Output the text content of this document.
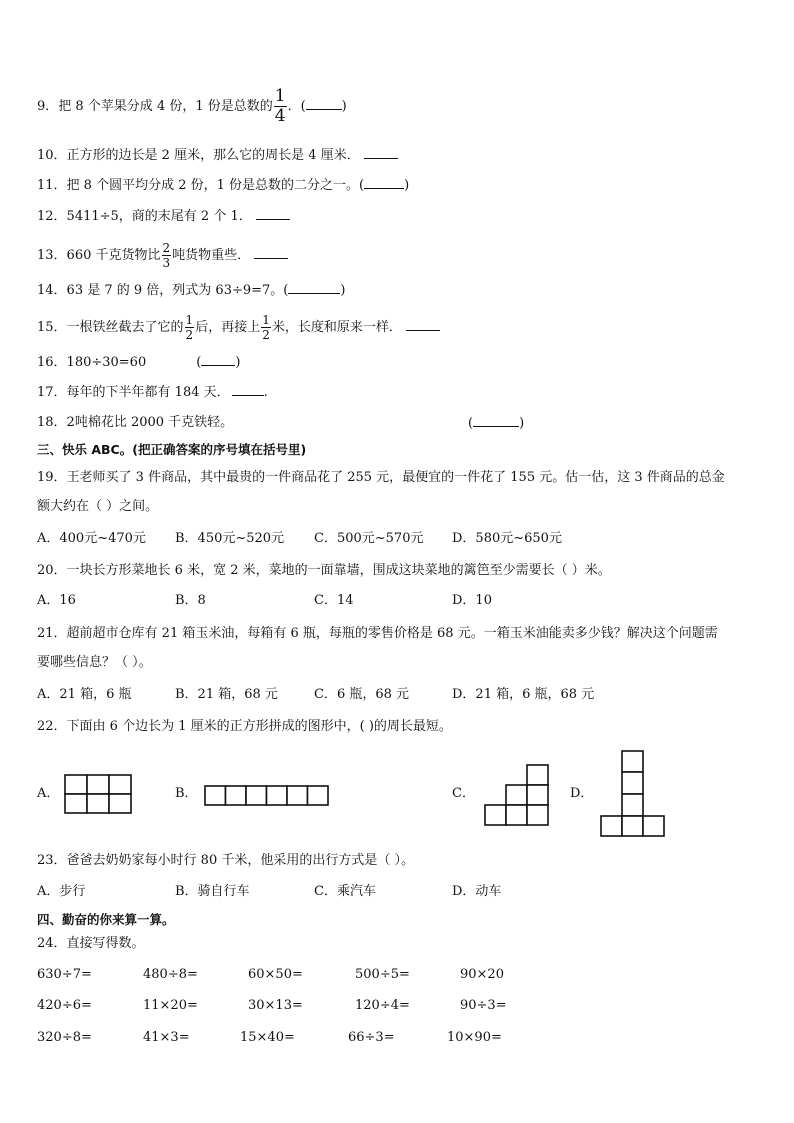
9．把 8 个苹果分成 4 份，1 份是总数的 $\frac{1}{4}$ ．(	)
10．正方形的边长是 2 厘米，那么它的周长是 4 厘米．
11．把 8 个圆平均分成 2 份，1 份是总数的二分之一。(	)
12．5411÷5，商的末尾有 2 个 1．
13．660 千克货物比 $\frac{2}{3}$ 吨货物重些．
14．63 是 7 的 9 倍，列式为 63÷9=7。(	)
15．一根铁丝截去了它的 $\frac{1}{2}$ 后，再接上 $\frac{1}{2}$ 米，长度和原来一样．
16．180÷30=60	(	)
17．每年的下半年都有 184 天．	.
18．2吨棉花比 2000 千克铁轻。	(	)
三、快乐 ABC。(把正确答案的序号填在括号里)
19．王老师买了 3 件商品，其中最贵的一件商品花了 255 元，最便宜的一件花了 155 元。估一估，这 3 件商品的总金
额大约在（ ）之间。
A．400元~470元 B．450元~520元 C．500元~570元 D．580元~650元
20．一块长方形菜地长 6 米，宽 2 米，菜地的一面靠墙，围成这块菜地的篱笆至少需要长（ ）米。
A．16	B．8	C．14	D．10
21．超前超市仓库有 21 箱玉米油，每箱有 6 瓶，每瓶的零售价格是 68 元。一箱玉米油能卖多少钱？解决这个问题需
要哪些信息？（ ）。
A．21 箱，6 瓶	B．21 箱，68 元	C．6 瓶，68 元	D．21 箱，6 瓶，68 元
22．下面由 6 个边长为 1 厘米的正方形拼成的图形中，( )的周长最短。
A．	B．	C．	D．
23．爸爸去奶奶家每小时行 80 千米，他采用的出行方式是（ ）。
A．步行	B．骑自行车	C．乘汽车	D．动车
四、勤奋的你来算一算。
24．直接写得数。
630÷7=	480÷8=	60×50=	500÷5=	90×20
420÷6=	11×20=	30×13=	120÷4=	90÷3=
320÷8=	41×3=	15×40=	66÷3=	10×90=
